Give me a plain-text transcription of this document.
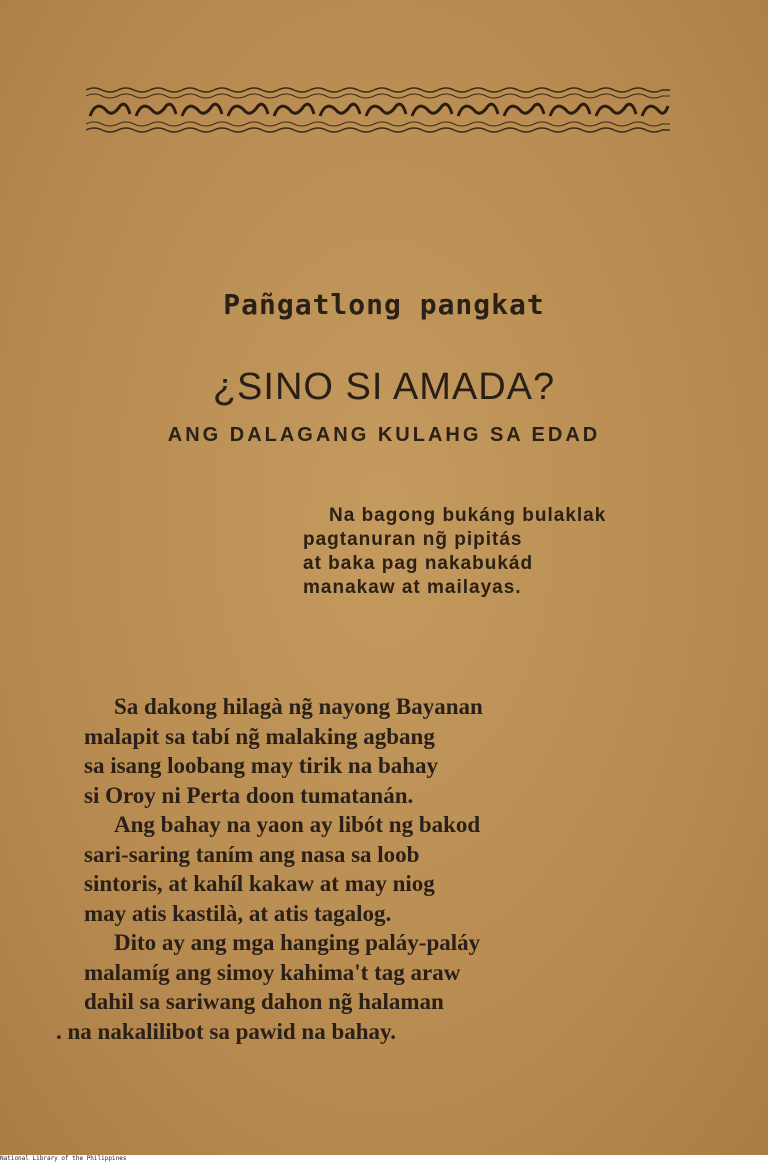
Pañgatlong pangkat
¿SINO SI AMADA?
ANG DALAGANG KULAHG SA EDAD
Na bagong bukáng bulaklak
pagtanuran ng̃ pipitás
at baka pag nakabukád
manakaw at mailayas.
Sa dakong hilagà ng̃ nayong Bayanan
malapit sa tabí ng̃ malaking agbang
sa isang loobang may tirik na bahay
si Oroy ni Perta doon tumatanán.
Ang bahay na yaon ay libót ng bakod
sari-saring taním ang nasa sa loob
sintoris, at kahíl kakaw at may niog
may atis kastilà, at atis tagalog.
Dito ay ang mga hanging paláy-paláy
malamíg ang simoy kahima't tag araw
dahil sa sariwang dahon ng̃ halaman
. na nakalilibot sa pawid na bahay.
National Library of the Philippines
